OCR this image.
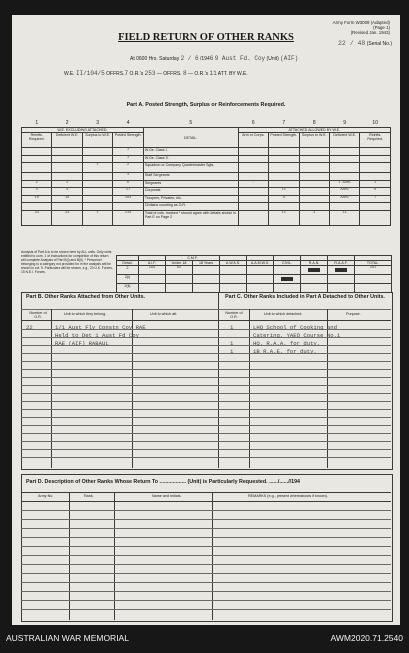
Army Form W3009 (Adapted)
(Page 1)
(Revised Jan. 1943)
22 / 48 (Serial No.)
FIELD RETURN OF OTHER RANKS
At 0600 Hrs. Saturday 2 / 6 /1946 9 Aust Fd. Coy (Unit) (AIF)
W.E. II/104/5 OFFRS.7 O.R.'s 253 — OFFRS. 8 — O.R.'s 11 ATT. BY W.E.
Part A. Posted Strength, Surplus or Reinforcements Required.
1	2	3	4	5	6	7	8	9	10
W.E. EXCLUDING ATTACHED.				DETAIL.	ATTACHED ALLOWED BY W.E.				
Reinfts. Required.	Deficient W.E.	Surplus to W.E.	Posted Strength.		Arm or Corps.	Posted Strength.	Surplus to W.E.	Deficient W.E.	Reinfts. Required.
			1	W.Os. Class I.					
			1	W.Os. Class II.					
		1	2	Squadron or Company Quartermaster Sgts.					
			3	Staff Sergeants					
2	2		6	Sergeants	-			1 AAMC	1
4	4		17	Corporals		11		AAMC	6
18	18		183	Troopers, Privates, etc.		9		AAMC	7
				Civilians counting as O.R.					
24	24	1	210	Total of cols. marked * should agree with details shown in Part E on Page 2		11	3	11	
		C.M.F.							
Detail.	A.I.F.	Under 18	18 Years	A.W.A.S.	A.A.M.W.S.	CIVIL.	R.A.N.	R.A.A.F.	TOTAL.
2	199	82							281
2(i)									
2(ii)									
Analysis of Part A is to be shown here by ALL units. Only units entitled to corn. 1 of instructions for completion of this return will complete Analysis of Part B(i) and B(ii). * Personnel belonging to a category not provided for in the analysis will be shown in col. 9. Particulars will be shown, e.g., 20 U.K. Forces, 15 N.E.I. Forces.
Part B. Other Ranks Attached from Other Units.	Part C. Other Ranks Included in Part A Detached to Other Units.
Number of O.R.
Unit to which they belong.	Unit to which att.	Number of O.R.
Unit to which detached.	Purpose.
22	1/1 Aust Fly Constn Coy RAE
Held to Det 1 Aust Fd Coy
RAE (AIF) RABAUL
1	LHQ School of Cooking and
Catering. YAEO Course No.1
1	HQ. R.A.A. for duty.
1	1B R.A.E. for duty.
Part D. Description of Other Ranks Whose Return To .................. (Unit) is Particularly Requested. ....../......//194
Army No.	Rank.	Name and Initials.	REMARKS (e.g., present whereabouts if known).
AUSTRALIAN WAR MEMORIAL	AWM2020.71.2540
